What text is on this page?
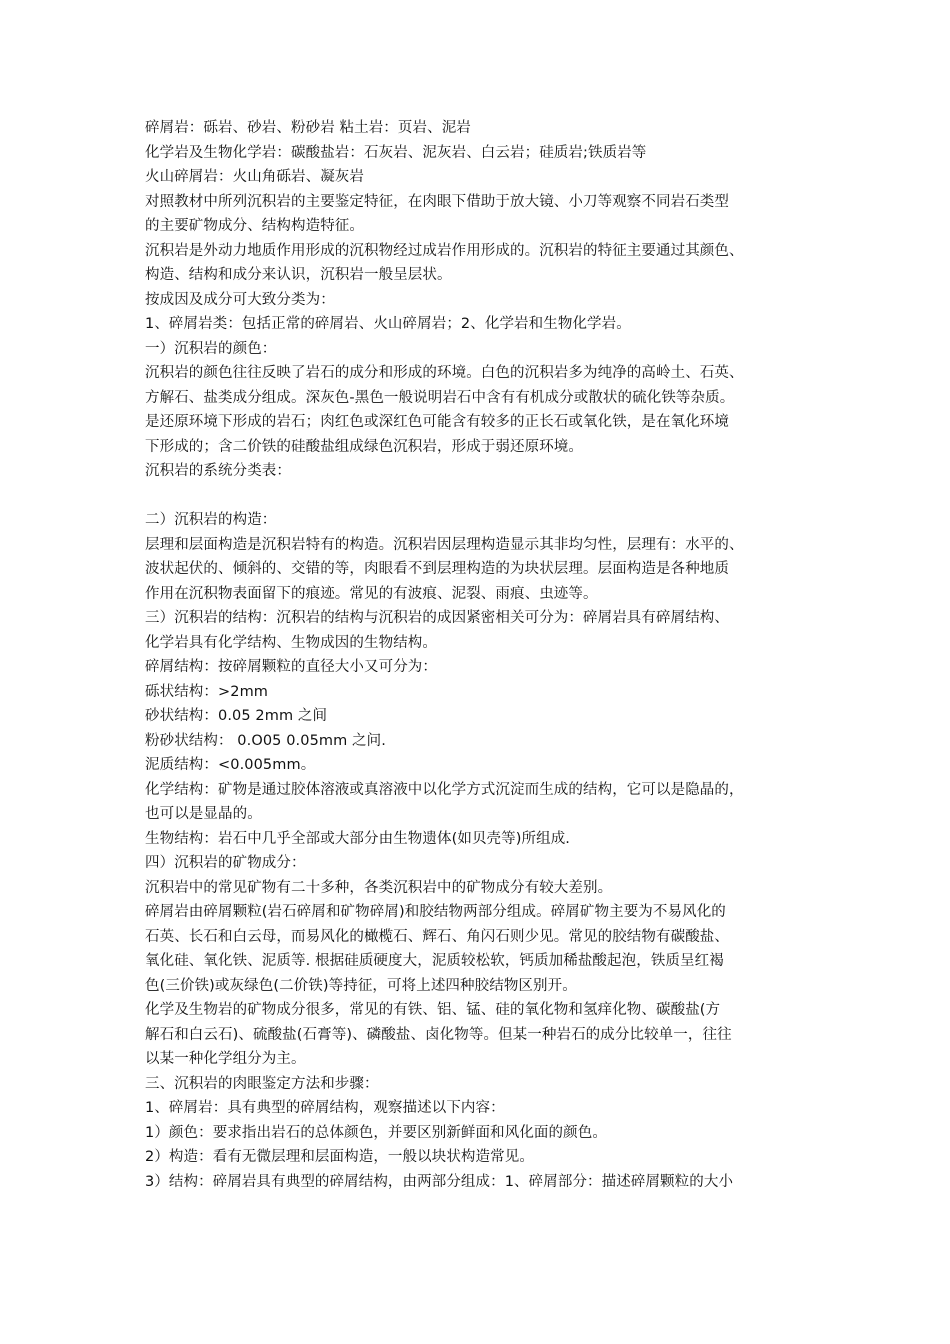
碎屑岩：砾岩、砂岩、粉砂岩 粘土岩：页岩、泥岩
化学岩及生物化学岩：碳酸盐岩：石灰岩、泥灰岩、白云岩；硅质岩;铁质岩等
火山碎屑岩：火山角砾岩、凝灰岩
对照教材中所列沉积岩的主要鉴定特征，在肉眼下借助于放大镜、小刀等观察不同岩石类型
的主要矿物成分、结构构造特征。
沉积岩是外动力地质作用形成的沉积物经过成岩作用形成的。沉积岩的特征主要通过其颜色、
构造、结构和成分来认识，沉积岩一般呈层状。
按成因及成分可大致分类为：
1、碎屑岩类：包括正常的碎屑岩、火山碎屑岩；2、化学岩和生物化学岩。
一）沉积岩的颜色：
沉积岩的颜色往往反映了岩石的成分和形成的环境。白色的沉积岩多为纯净的高岭土、石英、
方解石、盐类成分组成。深灰色-黑色一般说明岩石中含有有机成分或散状的硫化铁等杂质。
是还原环境下形成的岩石；肉红色或深红色可能含有较多的正长石或氧化铁，是在氧化环境
下形成的；含二价铁的硅酸盐组成绿色沉积岩，形成于弱还原环境。
沉积岩的系统分类表：
二）沉积岩的构造：
层理和层面构造是沉积岩特有的构造。沉积岩因层理构造显示其非均匀性，层理有：水平的、
波状起伏的、倾斜的、交错的等，肉眼看不到层理构造的为块状层理。层面构造是各种地质
作用在沉积物表面留下的痕迹。常见的有波痕、泥裂、雨痕、虫迹等。
三）沉积岩的结构：沉积岩的结构与沉积岩的成因紧密相关可分为：碎屑岩具有碎屑结构、
化学岩具有化学结构、生物成因的生物结构。
碎屑结构：按碎屑颗粒的直径大小又可分为：
砾状结构：>2mm
砂状结构：0.05 2mm 之间
粉砂状结构： 0.O05 0.05mm 之问.
泥质结构：<0.005mm。
化学结构：矿物是通过胶体溶液或真溶液中以化学方式沉淀而生成的结构，它可以是隐晶的，
也可以是显晶的。
生物结构：岩石中几乎全部或大部分由生物遗体(如贝壳等)所组成.
四）沉积岩的矿物成分：
沉积岩中的常见矿物有二十多种，各类沉积岩中的矿物成分有较大差别。
碎屑岩由碎屑颗粒(岩石碎屑和矿物碎屑)和胶结物两部分组成。碎屑矿物主要为不易风化的
石英、长石和白云母，而易风化的橄榄石、辉石、角闪石则少见。常见的胶结物有碳酸盐、
氧化硅、氧化铁、泥质等. 根据硅质硬度大，泥质较松软，钙质加稀盐酸起泡，铁质呈红褐
色(三价铁)或灰绿色(二价铁)等持征，可将上述四种胶结物区别开。
化学及生物岩的矿物成分很多，常见的有铁、铝、锰、硅的氧化物和氢痒化物、碳酸盐(方
解石和白云石)、硫酸盐(石膏等)、磷酸盐、卤化物等。但某一种岩石的成分比较单一，往往
以某一种化学组分为主。
三、沉积岩的肉眼鉴定方法和步骤：
1、碎屑岩：具有典型的碎屑结构，观察描述以下内容：
1）颜色：要求指出岩石的总体颜色，并要区别新鲜面和风化面的颜色。
2）构造：看有无微层理和层面构造，一般以块状构造常见。
3）结构：碎屑岩具有典型的碎屑结构，由两部分组成：1、碎屑部分：描述碎屑颗粒的大小
